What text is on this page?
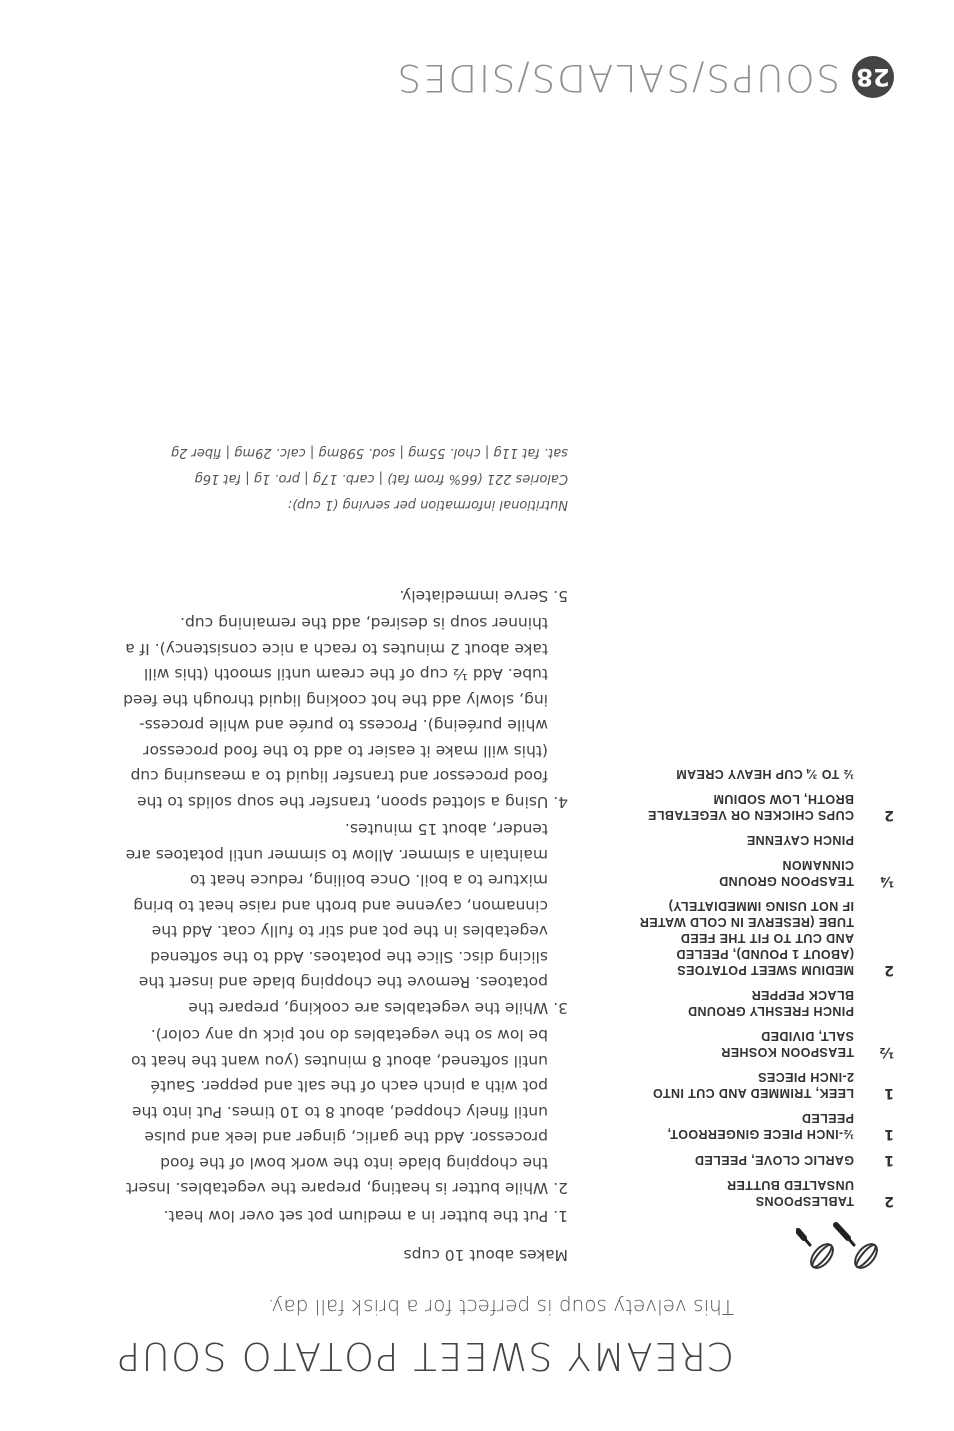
28
SOUPS/SALADS/SIDES
CREAMY SWEET POTATO SOUP
This velvety soup is perfect for a brisk fall day.
2
TABLESPOONS
UNSALTED BUTTER
1
GARLIC CLOVE, PEELED
1
½-INCH PIECE GINGERROOT,
PEELED
1
LEEK, TRIMMED AND CUT INTO
2-INCH PIECES
½
TEASPOON KOSHER
SALT, DIVIDED
PINCH FRESHLY GROUND
BLACK PEPPER
2
MEDIUM SWEET POTATOES
(ABOUT 1 POUND), PEELED
AND CUT TO FIT THE FEED
TUBE (RESERVE IN COLD WATER
IF NOT USING IMMEDIATELY)
¼
TEASPOON GROUND
CINNAMON
PINCH CAYENNE
2
CUPS CHICKEN OR VEGETABLE
BROTH, LOW SODIUM
½ TO ¾ CUP HEAVY CREAM
Makes about 10 cups
1. Put the butter in a medium pot set over low heat.
2. While butter is heating, prepare the vegetables. Insert
the chopping blade into the work bowl of the food
processor. Add the garlic, ginger and leek and pulse
until finely chopped, about 8 to 10 times. Put into the
pot with a pinch each of the salt and pepper. Sauté
until softened, about 8 minutes (you want the heat to
be low so the vegetables do not pick up any color).
3. While the vegetables are cooking, prepare the
potatoes. Remove the chopping blade and insert the
slicing disc. Slice the potatoes. Add to the softened
vegetables in the pot and stir to fully coat. Add the
cinnamon, cayenne and broth and raise heat to bring
mixture to a boil. Once boiling, reduce heat to
maintain a simmer. Allow to simmer until potatoes are
tender, about 15 minutes.
4. Using a slotted spoon, transfer the soup solids to the
food processor and transfer liquid to a measuring cup
(this will make it easier to add to the food processor
while puréeing). Process to purée and while process-
ing, slowly add the hot cooking liquid through the feed
tube. Add ½ cup of the cream until smooth (this will
take about 2 minutes to reach a nice consistency). If a
thinner soup is desired, add the remaining cup.
5. Serve immediately.
Nutritional information per serving (1 cup):
Calories 221 (66% from fat) | carb. 17g | pro. 1g | fat 16g
sat. fat 11g | chol. 55mg | sod. 598mg | calc. 29mg | fiber 2g
